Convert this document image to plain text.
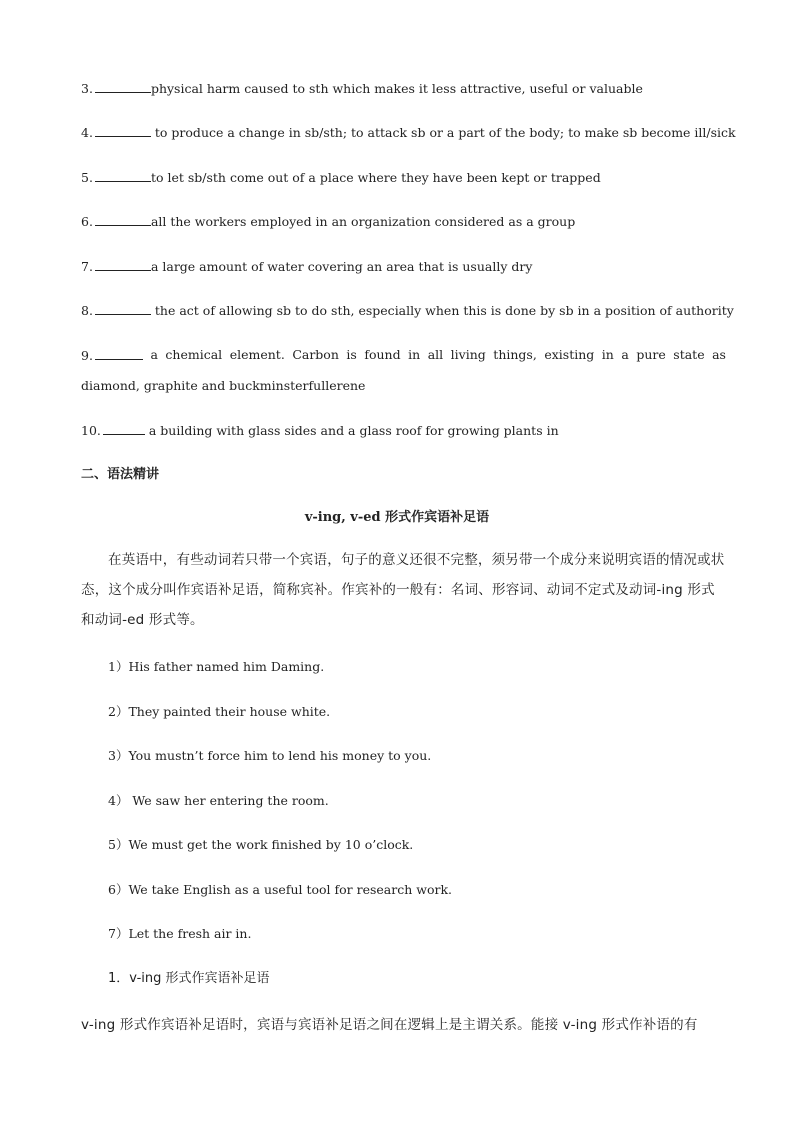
3.	physical harm caused to sth which makes it less attractive, useful or valuable
4.	to produce a change in sb/sth; to attack sb or a part of the body; to make sb become ill/sick
5.	to let sb/sth come out of a place where they have been kept or trapped
6.	all the workers employed in an organization considered as a group
7.	a large amount of water covering an area that is usually dry
8.	the act of allowing sb to do sth, especially when this is done by sb in a position of authority
9.	a chemical element. Carbon is found in all living things, existing in a pure state as
diamond, graphite and buckminsterfullerene
10.	a building with glass sides and a glass roof for growing plants in
二、语法精讲
v-ing, v-ed 形式作宾语补足语
在英语中，有些动词若只带一个宾语，句子的意义还很不完整，须另带一个成分来说明宾语的情况或状态，这个成分叫作宾语补足语，简称宾补。作宾补的一般有：名词、形容词、动词不定式及动词-ing 形式和动词-ed 形式等。
1）His father named him Daming.
2）They painted their house white.
3）You mustn’t force him to lend his money to you.
4） We saw her entering the room.
5）We must get the work finished by 10 o’clock.
6）We take English as a useful tool for research work.
7）Let the fresh air in.
1．v-ing 形式作宾语补足语
v-ing 形式作宾语补足语时，宾语与宾语补足语之间在逻辑上是主谓关系。能接 v-ing 形式作补语的有
